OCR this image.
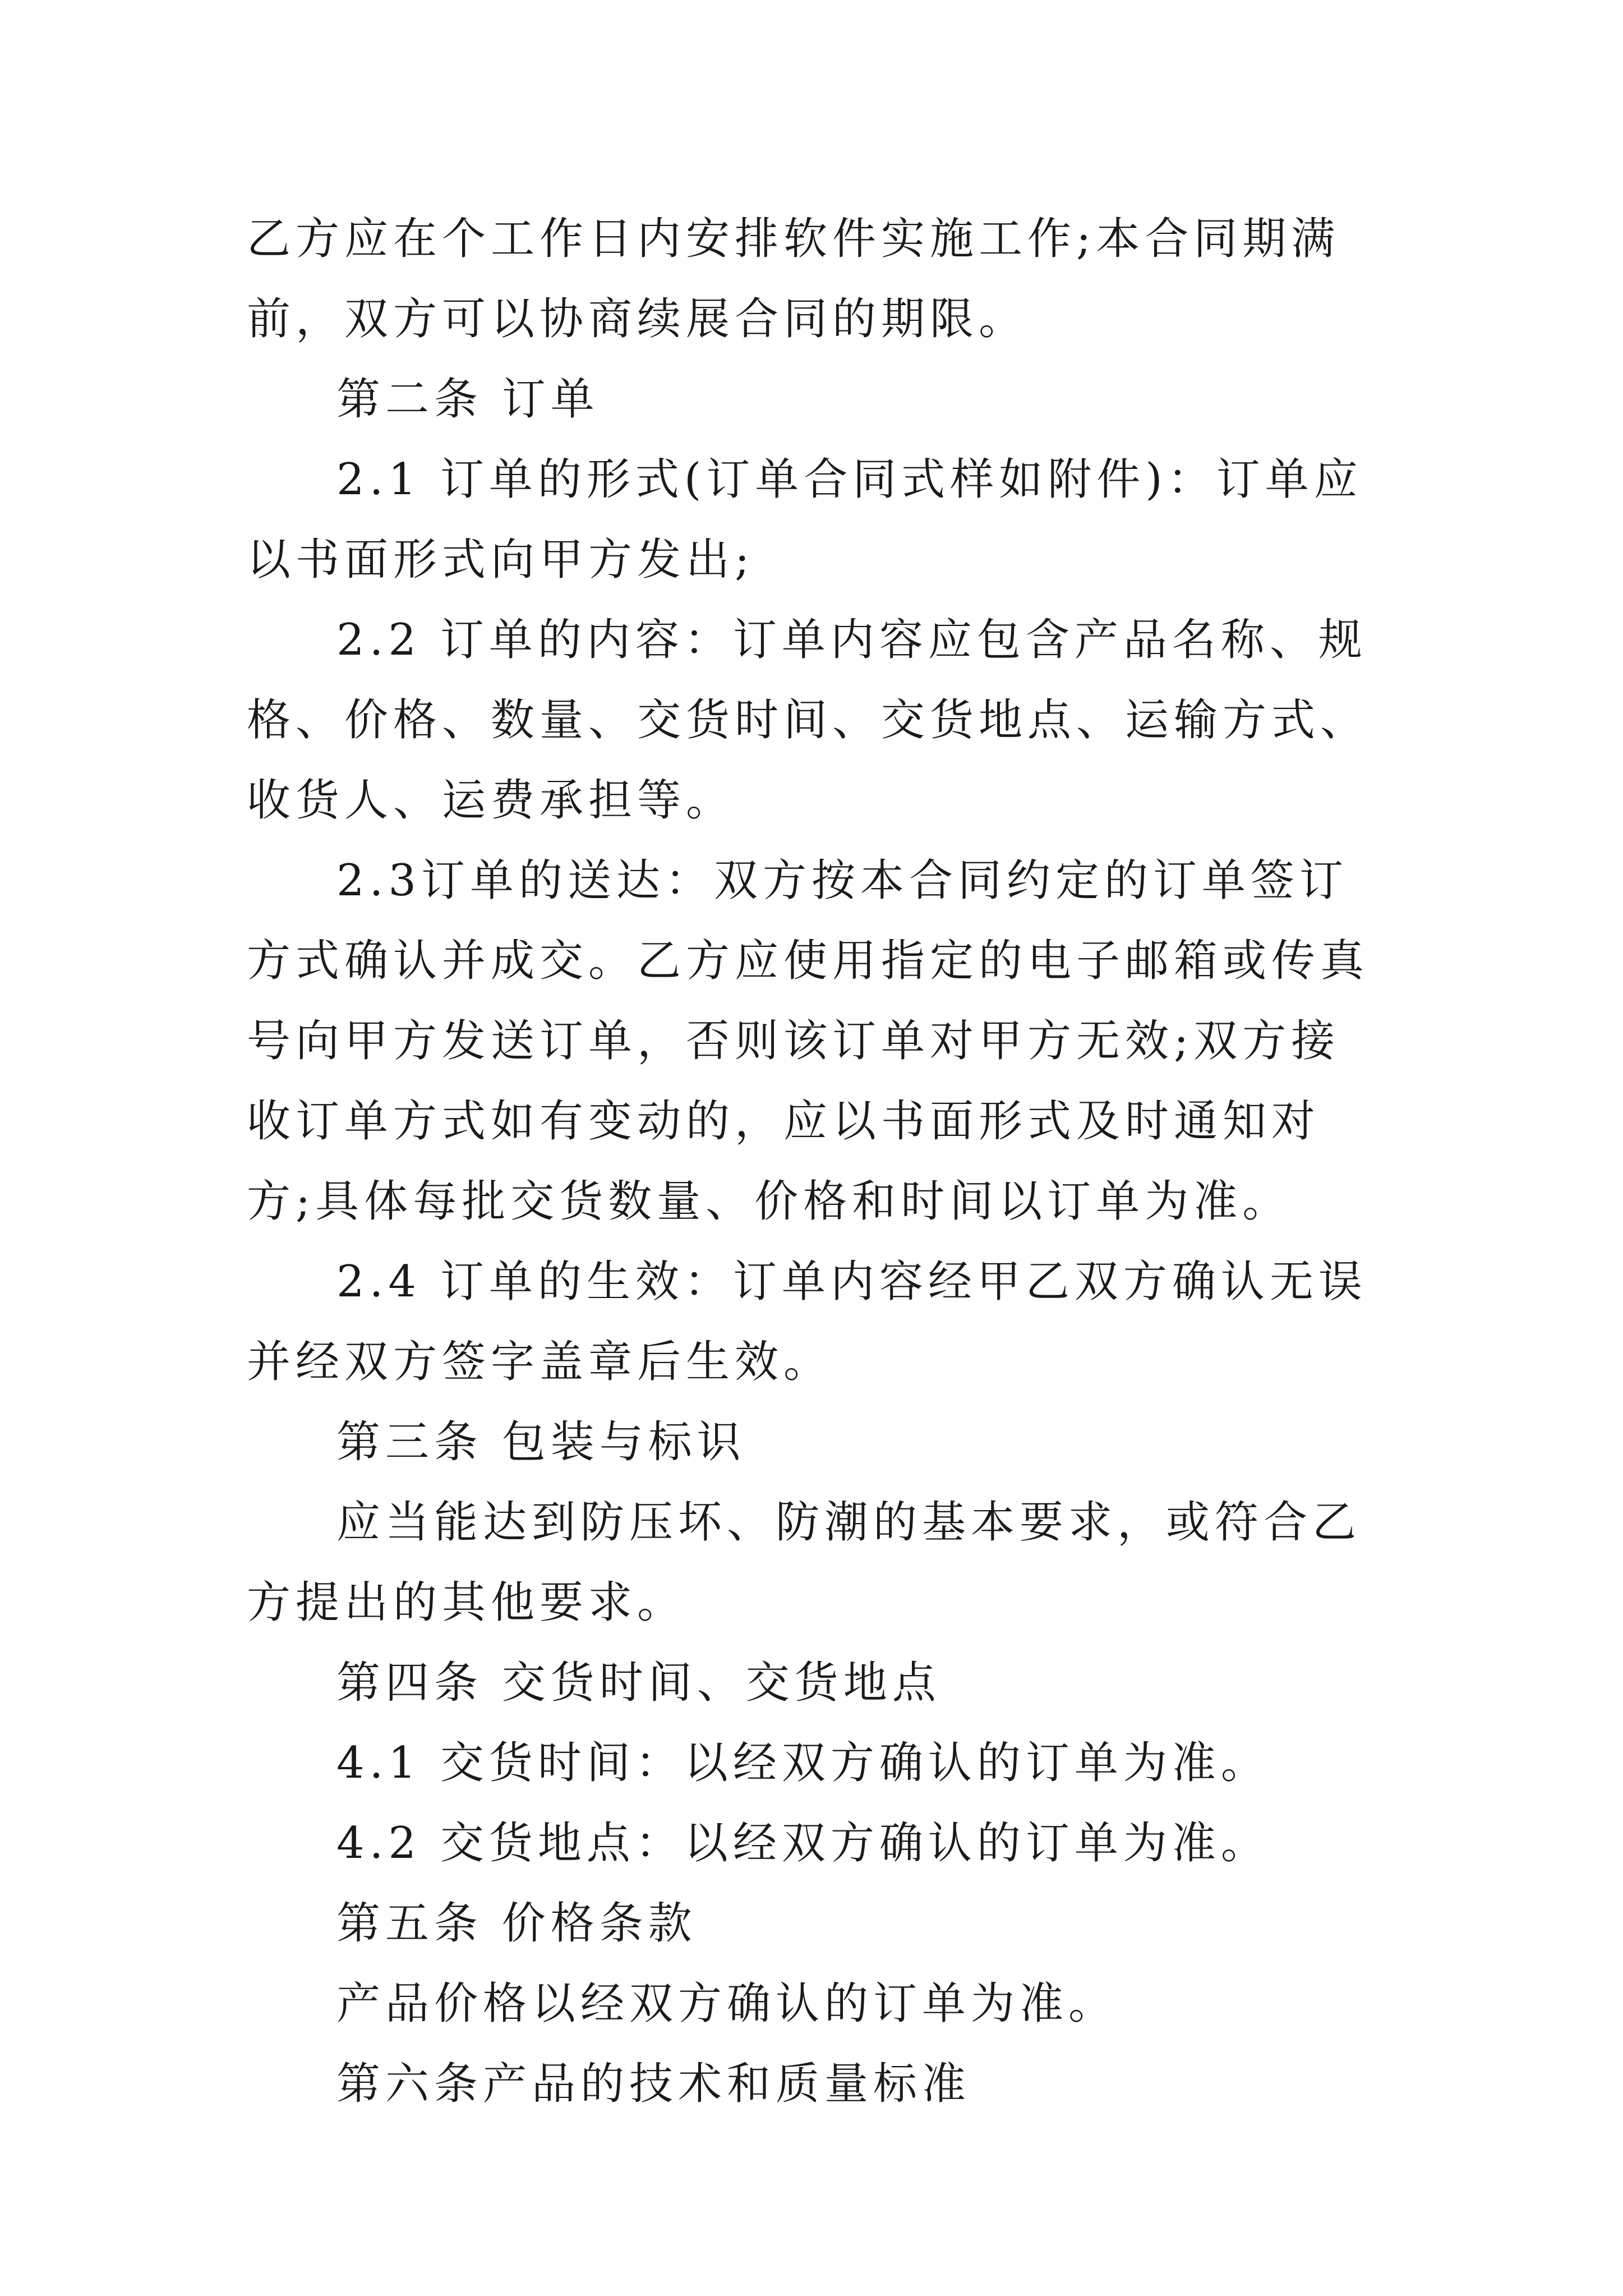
乙方应在个工作日内安排软件实施工作;本合同期满前，双方可以协商续展合同的期限。

第二条 订单

2.1 订单的形式(订单合同式样如附件)：订单应以书面形式向甲方发出;

2.2 订单的内容：订单内容应包含产品名称、规格、价格、数量、交货时间、交货地点、运输方式、收货人、运费承担等。

2.3订单的送达：双方按本合同约定的订单签订方式确认并成交。乙方应使用指定的电子邮箱或传真号向甲方发送订单，否则该订单对甲方无效;双方接收订单方式如有变动的，应以书面形式及时通知对方;具体每批交货数量、价格和时间以订单为准。

2.4 订单的生效：订单内容经甲乙双方确认无误并经双方签字盖章后生效。

第三条 包装与标识

应当能达到防压坏、防潮的基本要求，或符合乙方提出的其他要求。

第四条 交货时间、交货地点

4.1 交货时间：以经双方确认的订单为准。

4.2 交货地点：以经双方确认的订单为准。

第五条 价格条款

产品价格以经双方确认的订单为准。

第六条产品的技术和质量标准
